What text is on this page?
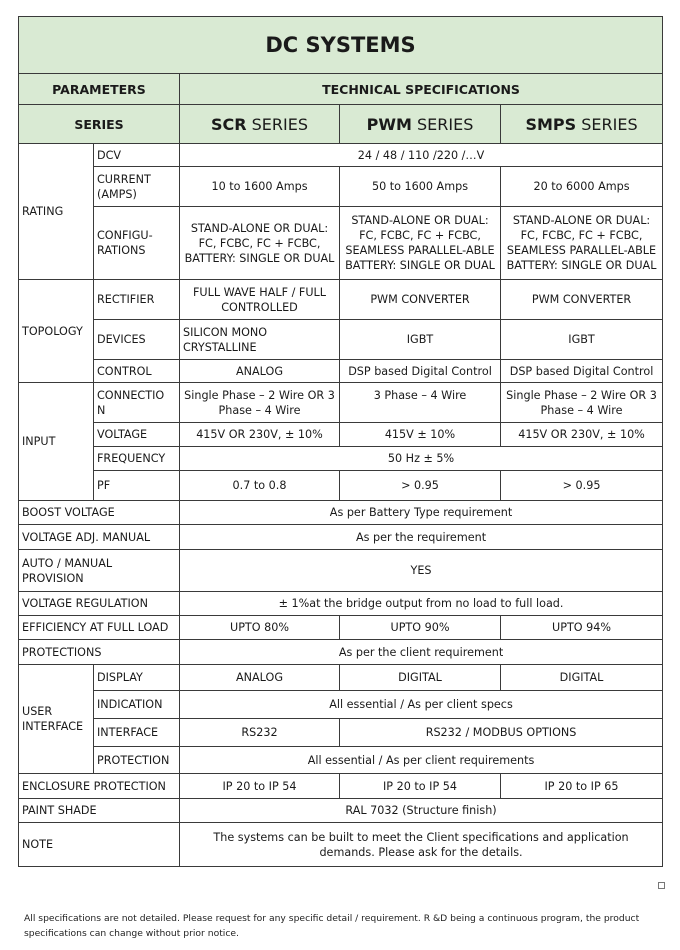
DC SYSTEMS				
PARAMETERS		TECHNICAL SPECIFICATIONS		
SERIES		SCR SERIES	PWM SERIES	SMPS SERIES
RATING	DCV	24 / 48 / 110 /220 /…V		
	CURRENT (AMPS)	10 to 1600 Amps	50 to 1600 Amps	20 to 6000 Amps
	CONFIGU-RATIONS	STAND-ALONE OR DUAL: FC, FCBC, FC + FCBC, BATTERY: SINGLE OR DUAL	STAND-ALONE OR DUAL: FC, FCBC, FC + FCBC, SEAMLESS PARALLEL-ABLE BATTERY: SINGLE OR DUAL	STAND-ALONE OR DUAL: FC, FCBC, FC + FCBC, SEAMLESS PARALLEL-ABLE BATTERY: SINGLE OR DUAL
TOPOLOGY	RECTIFIER	FULL WAVE HALF / FULL CONTROLLED	PWM CONVERTER	PWM CONVERTER
	DEVICES	SILICON MONO CRYSTALLINE	IGBT	IGBT
	CONTROL	ANALOG	DSP based Digital Control	DSP based Digital Control
INPUT	CONNECTIO N	Single Phase – 2 Wire OR 3 Phase – 4 Wire	3 Phase – 4 Wire	Single Phase – 2 Wire OR 3 Phase – 4 Wire
	VOLTAGE	415V OR 230V, ± 10%	415V ± 10%	415V OR 230V, ± 10%
	FREQUENCY	50 Hz ± 5%		
	PF	0.7 to 0.8	> 0.95	> 0.95
BOOST VOLTAGE		As per Battery Type requirement		
VOLTAGE ADJ. MANUAL		As per the requirement		
AUTO / MANUAL PROVISION		YES		
VOLTAGE REGULATION		± 1%at the bridge output from no load to full load.		
EFFICIENCY AT FULL LOAD		UPTO 80%	UPTO 90%	UPTO 94%
PROTECTIONS		As per the client requirement		
USER INTERFACE	DISPLAY	ANALOG	DIGITAL	DIGITAL
	INDICATION	All essential / As per client specs		
	INTERFACE	RS232	RS232 / MODBUS OPTIONS	
	PROTECTION	All essential / As per client requirements		
ENCLOSURE PROTECTION		IP 20 to IP 54	IP 20 to IP 54	IP 20 to IP 65
PAINT SHADE		RAL 7032 (Structure finish)		
NOTE		The systems can be built to meet the Client specifications and application demands. Please ask for the details.		
All specifications are not detailed. Please request for any specific detail / requirement. R &D being a continuous program, the product specifications can change without prior notice.
